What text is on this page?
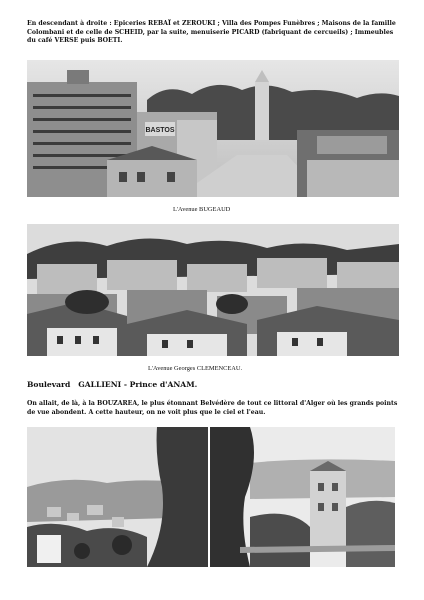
En descendant à droite : Epiceries REBAÏ et ZEROUKI ; Villa des Pompes Funèbres ; Maisons de la famille Colombani et de celle de SCHEID, par la suite, menuiserie PICARD (fabriquant de cercueils) ; Immeubles du café VERSE puis BOETI.
BASTOS
L'Avenue BUGEAUD
L'Avenue Georges CLEMENCEAU.
Boulevard   GALLIENI - Prince d'ANAM.
On allait, de là, à la BOUZAREA, le plus étonnant Belvédère de tout ce littoral d'Alger où les grands points de vue abondent. A cette hauteur, on ne voit plus que le ciel et l'eau.
